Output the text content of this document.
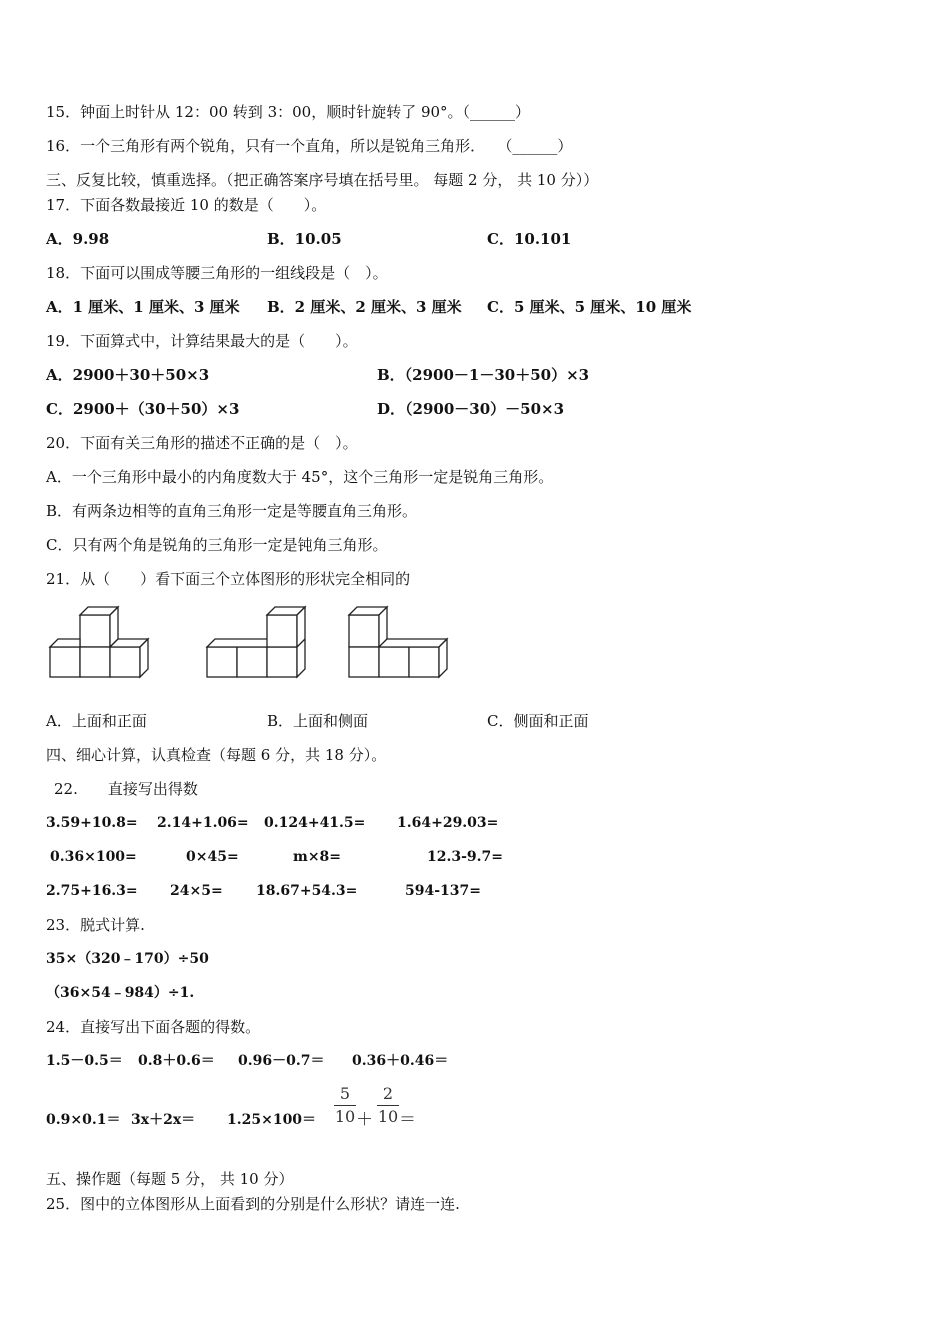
15．钟面上时针从 12：00 转到 3：00，顺时针旋转了 90°。（______）
16．一个三角形有两个锐角，只有一个直角，所以是锐角三角形．　 （______）
三、反复比较，慎重选择。（把正确答案序号填在括号里。 每题 2 分， 共 10 分））
17．下面各数最接近 10 的数是（　　）。
A．9.98	B．10.05	C．10.101
18．下面可以围成等腰三角形的一组线段是（　）。
A．1 厘米、1 厘米、3 厘米 B．2 厘米、2 厘米、3 厘米 C．5 厘米、5 厘米、10 厘米
19．下面算式中，计算结果最大的是（　　）。
A．2900＋30＋50×3	B．（2900－1－30＋50）×3
C．2900＋（30＋50）×3	D．（2900－30）－50×3
20．下面有关三角形的描述不正确的是（　）。
A．一个三角形中最小的内角度数大于 45°，这个三角形一定是锐角三角形。
B．有两条边相等的直角三角形一定是等腰直角三角形。
C．只有两个角是锐角的三角形一定是钝角三角形。
21．从（　　）看下面三个立体图形的形状完全相同的
A．上面和正面	B．上面和侧面	C．侧面和正面
四、细心计算，认真检查（每题 6 分，共 18 分）。
22.　　直接写出得数
3.59+10.8= 2.14+1.06= 0.124+41.5= 1.64+29.03=
0.36×100=	0×45=	m×8=	12.3-9.7=
2.75+16.3= 24×5= 18.67+54.3=	594-137=
23．脱式计算.
35×（320﹣170）÷50
（36×54﹣984）÷1.
24．直接写出下面各题的得数。
1.5－0.5＝ 0.8＋0.6＝ 0.96－0.7＝ 0.36＋0.46＝
0.9×0.1＝ 3x＋2x＝ 1.25×100＝
5
10 ＋
2
10 ＝
五、操作题（每题 5 分， 共 10 分）
25．图中的立体图形从上面看到的分别是什么形状？请连一连.
